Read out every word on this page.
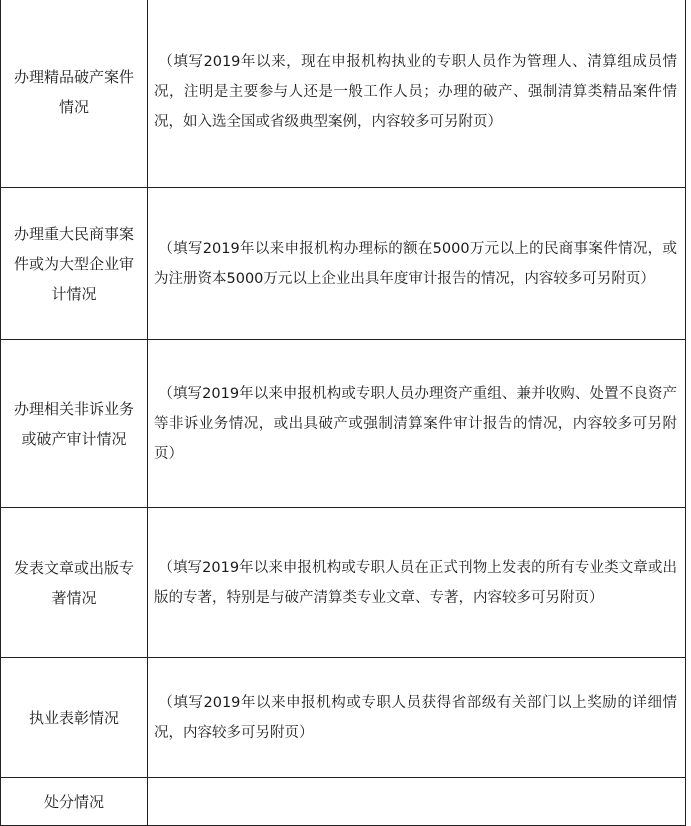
办理精品破产案件情况	（填写2019年以来，现在申报机构执业的专职人员作为管理人、清算组成员情况，注明是主要参与人还是一般工作人员；办理的破产、强制清算类精品案件情况，如入选全国或省级典型案例，内容较多可另附页）

办理重大民商事案件或为大型企业审计情况	（填写2019年以来申报机构办理标的额在5000万元以上的民商事案件情况，或为注册资本5000万元以上企业出具年度审计报告的情况，内容较多可另附页）

办理相关非诉业务或破产审计情况	（填写2019年以来申报机构或专职人员办理资产重组、兼并收购、处置不良资产等非诉业务情况，或出具破产或强制清算案件审计报告的情况，内容较多可另附页）

发表文章或出版专著情况	（填写2019年以来申报机构或专职人员在正式刊物上发表的所有专业类文章或出版的专著，特别是与破产清算类专业文章、专著，内容较多可另附页）

执业表彰情况	（填写2019年以来申报机构或专职人员获得省部级有关部门以上奖励的详细情况，内容较多可另附页）

处分情况	
